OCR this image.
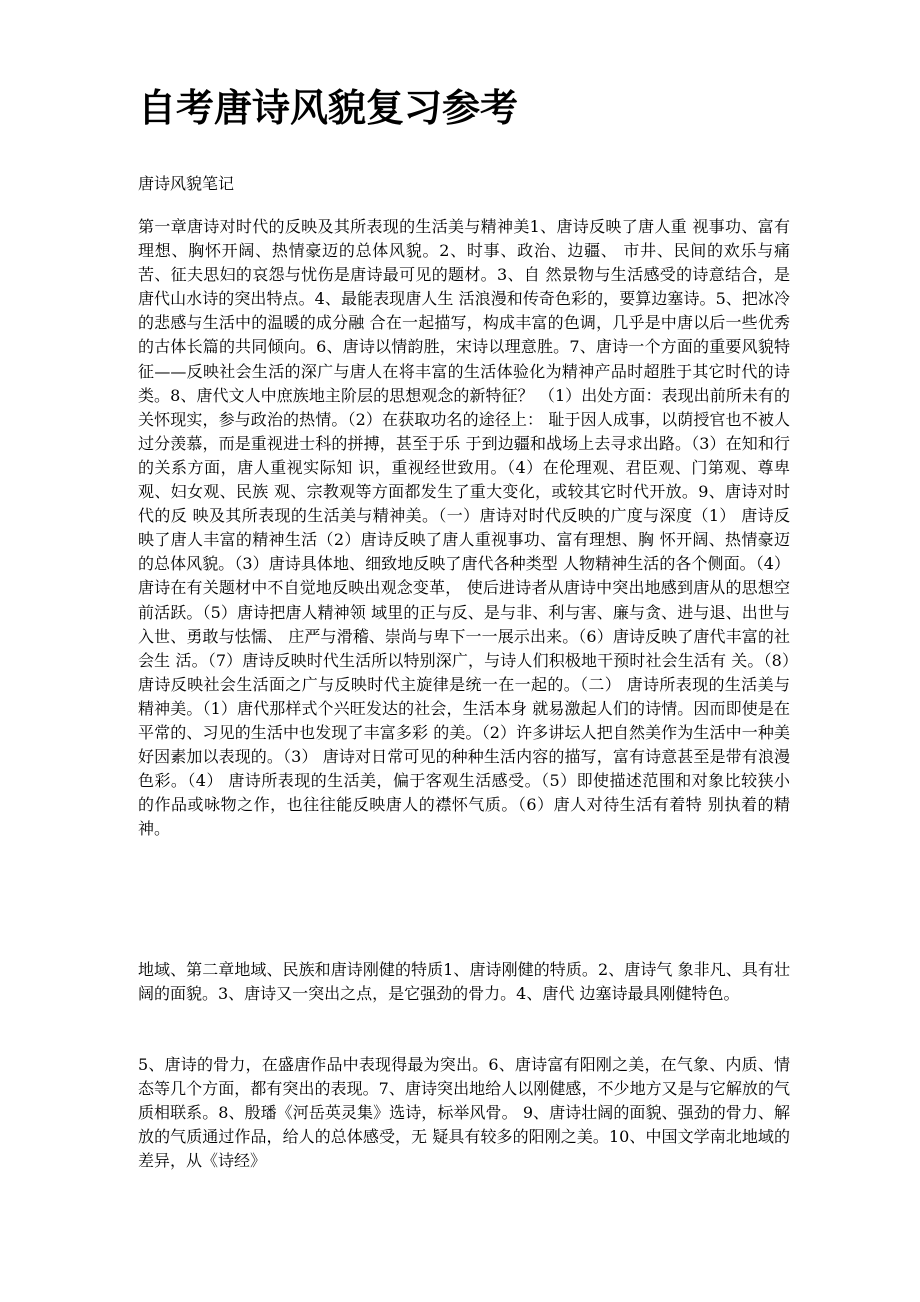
自考唐诗风貌复习参考

唐诗风貌笔记

第一章唐诗对时代的反映及其所表现的生活美与精神美1、唐诗反映了唐人重 视事功、富有理想、胸怀开阔、热情豪迈的总体风貌。2、时事、政治、边疆、 市井、民间的欢乐与痛苦、征夫思妇的哀怨与忧伤是唐诗最可见的题材。3、自 然景物与生活感受的诗意结合，是唐代山水诗的突出特点。4、最能表现唐人生 活浪漫和传奇色彩的，要算边塞诗。5、把冰冷的悲感与生活中的温暖的成分融 合在一起描写，构成丰富的色调，几乎是中唐以后一些优秀的古体长篇的共同倾向。6、唐诗以情韵胜，宋诗以理意胜。7、唐诗一个方面的重要风貌特征——反映社会生活的深广与唐人在将丰富的生活体验化为精神产品时超胜于其它时代的诗类。8、唐代文人中庶族地主阶层的思想观念的新特征？ （1）出处方面：表现出前所未有的关怀现实，参与政治的热情。（2）在获取功名的途径上： 耻于因人成事，以荫授官也不被人过分羡慕，而是重视进士科的拼搏，甚至于乐 于到边疆和战场上去寻求出路。（3）在知和行的关系方面，唐人重视实际知 识，重视经世致用。（4）在伦理观、君臣观、门第观、尊卑观、妇女观、民族 观、宗教观等方面都发生了重大变化，或较其它时代开放。9、唐诗对时代的反 映及其所表现的生活美与精神美。（一）唐诗对时代反映的广度与深度（1） 唐诗反映了唐人丰富的精神生活（2）唐诗反映了唐人重视事功、富有理想、胸 怀开阔、热情豪迈的总体风貌。（3）唐诗具体地、细致地反映了唐代各种类型 人物精神生活的各个侧面。（4）唐诗在有关题材中不自觉地反映出观念变革， 使后进诗者从唐诗中突出地感到唐从的思想空前活跃。（5）唐诗把唐人精神领 域里的正与反、是与非、利与害、廉与贪、进与退、出世与入世、勇敢与怯懦、 庄严与滑稽、崇尚与卑下一一展示出来。（6）唐诗反映了唐代丰富的社会生 活。（7）唐诗反映时代生活所以特别深广，与诗人们积极地干预时社会生活有 关。（8）唐诗反映社会生活面之广与反映时代主旋律是统一在一起的。（二） 唐诗所表现的生活美与精神美。（1）唐代那样式个兴旺发达的社会，生活本身 就易激起人们的诗情。因而即使是在平常的、习见的生活中也发现了丰富多彩 的美。（2）许多讲坛人把自然美作为生活中一种美好因素加以表现的。（3） 唐诗对日常可见的种种生活内容的描写，富有诗意甚至是带有浪漫色彩。（4） 唐诗所表现的生活美，偏于客观生活感受。（5）即使描述范围和对象比较狭小 的作品或咏物之作，也往往能反映唐人的襟怀气质。（6）唐人对待生活有着特 别执着的精神。

地域、第二章地域、民族和唐诗刚健的特质1、唐诗刚健的特质。2、唐诗气 象非凡、具有壮阔的面貌。3、唐诗又一突出之点，是它强劲的骨力。4、唐代 边塞诗最具刚健特色。

5、唐诗的骨力，在盛唐作品中表现得最为突出。6、唐诗富有阳刚之美，在气象、内质、情态等几个方面，都有突出的表现。7、唐诗突出地给人以刚健感，不少地方又是与它解放的气质相联系。8、殷璠《河岳英灵集》选诗，标举风骨。 9、唐诗壮阔的面貌、强劲的骨力、解放的气质通过作品，给人的总体感受，无 疑具有较多的阳刚之美。10、中国文学南北地域的差异，从《诗经》
